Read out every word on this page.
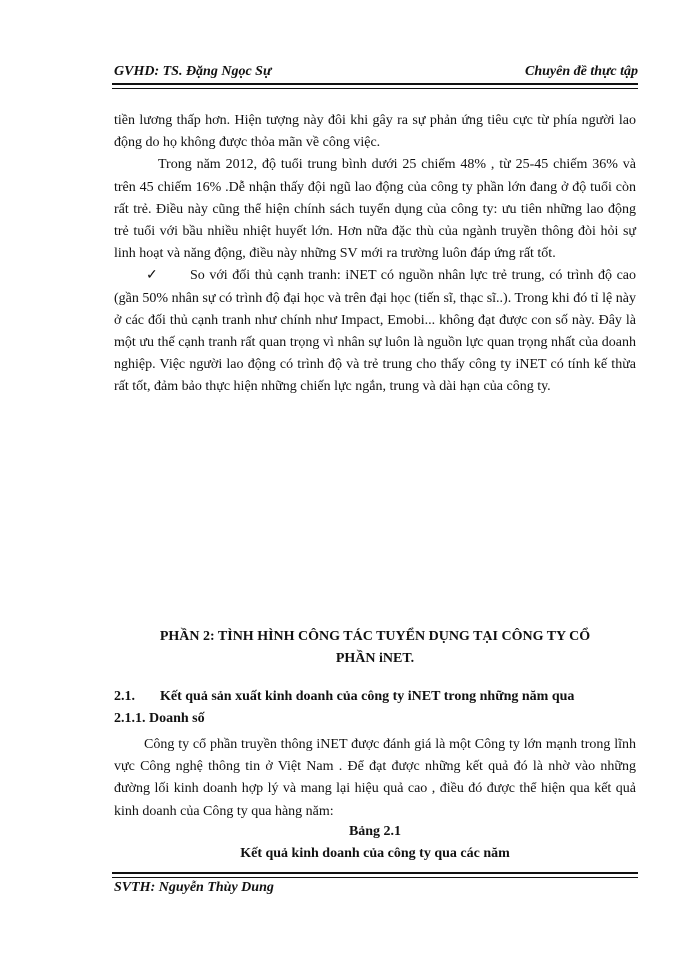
GVHD: TS. Đặng Ngọc Sự	Chuyên đề thực tập

tiền lương thấp hơn. Hiện tượng này đôi khi gây ra sự phản ứng tiêu cực từ phía người lao động do họ không được thỏa mãn về công việc.

Trong năm 2012, độ tuổi trung bình dưới 25 chiếm 48% , từ 25-45 chiếm 36% và trên 45 chiếm 16% .Dễ nhận thấy đội ngũ lao động của công ty phần lớn đang ở độ tuổi còn rất trẻ. Điều này cũng thể hiện chính sách tuyển dụng của công ty: ưu tiên những lao động trẻ tuổi với bầu nhiều nhiệt huyết lớn. Hơn nữa đặc thù của ngành truyền thông đòi hỏi sự linh hoạt và năng động, điều này những SV mới ra trường luôn đáp ứng rất tốt.

✓ So với đối thủ cạnh tranh: iNET có nguồn nhân lực trẻ trung, có trình độ cao (gần 50% nhân sự có trình độ đại học và trên đại học (tiến sĩ, thạc sĩ..). Trong khi đó tỉ lệ này ở các đối thủ cạnh tranh như chính như Impact, Emobi... không đạt được con số này. Đây là một ưu thế cạnh tranh rất quan trọng vì nhân sự luôn là nguồn lực quan trọng nhất của doanh nghiệp. Việc người lao động có trình độ và trẻ trung cho thấy công ty iNET có tính kế thừa rất tốt, đảm bảo thực hiện những chiến lực ngắn, trung và dài hạn của công ty.

PHẦN 2: TÌNH HÌNH CÔNG TÁC TUYỂN DỤNG TẠI CÔNG TY CỔ
PHẦN iNET.
2.1. Kết quả sản xuất kinh doanh của công ty iNET trong những năm qua
2.1.1. Doanh số

Công ty cổ phần truyền thông iNET được đánh giá là một Công ty lớn mạnh trong lĩnh vực Công nghệ thông tin ở Việt Nam . Để đạt được những kết quả đó là nhờ vào những đường lối kinh doanh hợp lý và mang lại hiệu quả cao , điều đó được thể hiện qua kết quả kinh doanh của Công ty qua hàng năm:

Bảng 2.1
Kết quả kinh doanh của công ty qua các năm
SVTH: Nguyễn Thùy Dung
